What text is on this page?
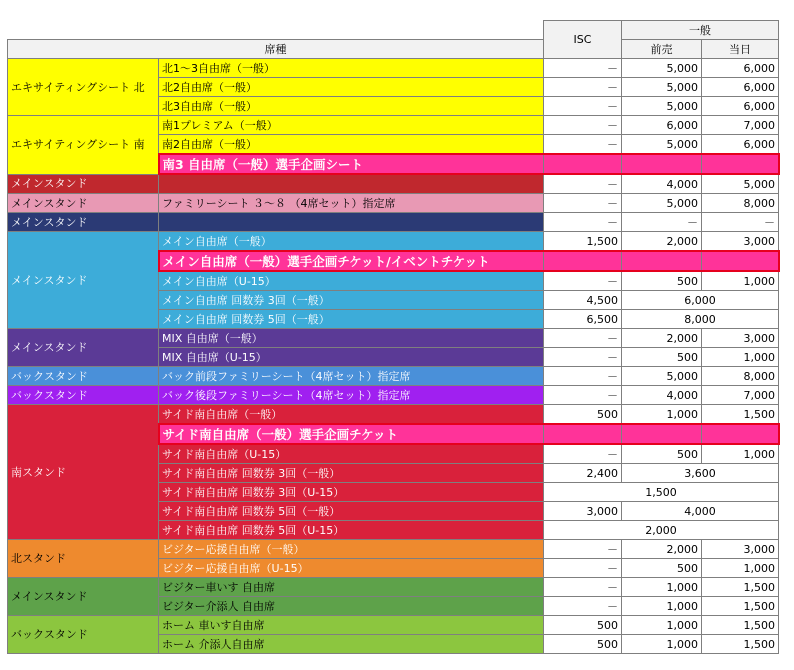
		ISC	一般	
席種			前売	当日
エキサイティングシート 北	北1～3自由席（一般）	－	5,000	6,000
	北2自由席（一般）	－	5,000	6,000
	北3自由席（一般）	－	5,000	6,000
エキサイティングシート 南	南1プレミアム（一般）	－	6,000	7,000
	南2自由席（一般）	－	5,000	6,000
	南3 自由席（一般）選手企画シート			
メインスタンド		－	4,000	5,000
メインスタンド	ファミリーシート ３～８ （4席セット）指定席	－	5,000	8,000
メインスタンド		－	－	－
メインスタンド	メイン自由席（一般）	1,500	2,000	3,000
	メイン自由席（一般）選手企画チケット/イベントチケット			
	メイン自由席（U-15）	－	500	1,000
	メイン自由席 回数券 3回（一般）	4,500	6,000	
	メイン自由席 回数券 5回（一般）	6,500	8,000	
メインスタンド	MIX 自由席（一般）	－	2,000	3,000
	MIX 自由席（U-15）	－	500	1,000
バックスタンド	バック前段ファミリーシート（4席セット）指定席	－	5,000	8,000
バックスタンド	バック後段ファミリーシート（4席セット）指定席	－	4,000	7,000
南スタンド	サイド南自由席（一般）	500	1,000	1,500
	サイド南自由席（一般）選手企画チケット			
	サイド南自由席（U-15）	－	500	1,000
	サイド南自由席 回数券 3回（一般）	2,400	3,600	
	サイド南自由席 回数券 3回（U-15）	1,500		
	サイド南自由席 回数券 5回（一般）	3,000	4,000	
	サイド南自由席 回数券 5回（U-15）	2,000		
北スタンド	ビジター応援自由席（一般）	－	2,000	3,000
	ビジター応援自由席（U-15）	－	500	1,000
メインスタンド	ビジター車いす 自由席	－	1,000	1,500
	ビジター介添人 自由席	－	1,000	1,500
バックスタンド	ホーム 車いす自由席	500	1,000	1,500
	ホーム 介添人自由席	500	1,000	1,500
